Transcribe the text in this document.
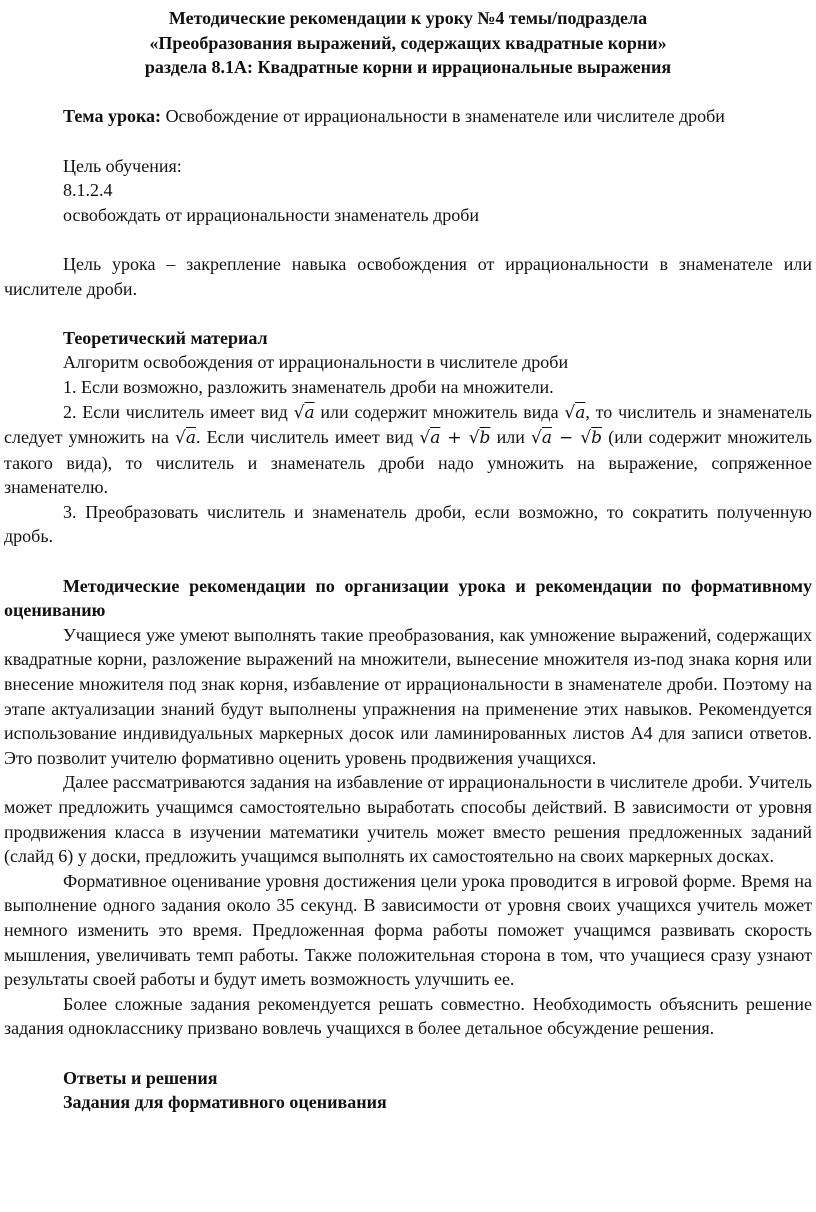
Методические рекомендации к уроку №4 темы/подраздела

«Преобразования выражений, содержащих квадратные корни»

раздела 8.1А: Квадратные корни и иррациональные выражения

Тема урока: Освобождение от иррациональности в знаменателе или числителе дроби

Цель обучения:

8.1.2.4

освобождать от иррациональности знаменатель дроби

Цель урока – закрепление навыка освобождения от иррациональности в знаменателе или числителе дроби.

Теоретический материал

Алгоритм освобождения от иррациональности в числителе дроби

1. Если возможно, разложить знаменатель дроби на множители.

2. Если числитель имеет вид √a или содержит множитель вида √a, то числитель и знаменатель следует умножить на √a. Если числитель имеет вид √a + √b или √a − √b (или содержит множитель такого вида), то числитель и знаменатель дроби надо умножить на выражение, сопряженное знаменателю.

3. Преобразовать числитель и знаменатель дроби, если возможно, то сократить полученную дробь.

Методические рекомендации по организации урока и рекомендации по формативному оцениванию

Учащиеся уже умеют выполнять такие преобразования, как умножение выражений, содержащих квадратные корни, разложение выражений на множители, вынесение множителя из-под знака корня или внесение множителя под знак корня, избавление от иррациональности в знаменателе дроби. Поэтому на этапе актуализации знаний будут выполнены упражнения на применение этих навыков. Рекомендуется использование индивидуальных маркерных досок или ламинированных листов А4 для записи ответов. Это позволит учителю формативно оценить уровень продвижения учащихся.

Далее рассматриваются задания на избавление от иррациональности в числителе дроби. Учитель может предложить учащимся самостоятельно выработать способы действий. В зависимости от уровня продвижения класса в изучении математики учитель может вместо решения предложенных заданий (слайд 6) у доски, предложить учащимся выполнять их самостоятельно на своих маркерных досках.

Формативное оценивание уровня достижения цели урока проводится в игровой форме. Время на выполнение одного задания около 35 секунд. В зависимости от уровня своих учащихся учитель может немного изменить это время. Предложенная форма работы поможет учащимся развивать скорость мышления, увеличивать темп работы. Также положительная сторона в том, что учащиеся сразу узнают результаты своей работы и будут иметь возможность улучшить ее.

Более сложные задания рекомендуется решать совместно. Необходимость объяснить решение задания однокласснику призвано вовлечь учащихся в более детальное обсуждение решения.

Ответы и решения

Задания для формативного оценивания
